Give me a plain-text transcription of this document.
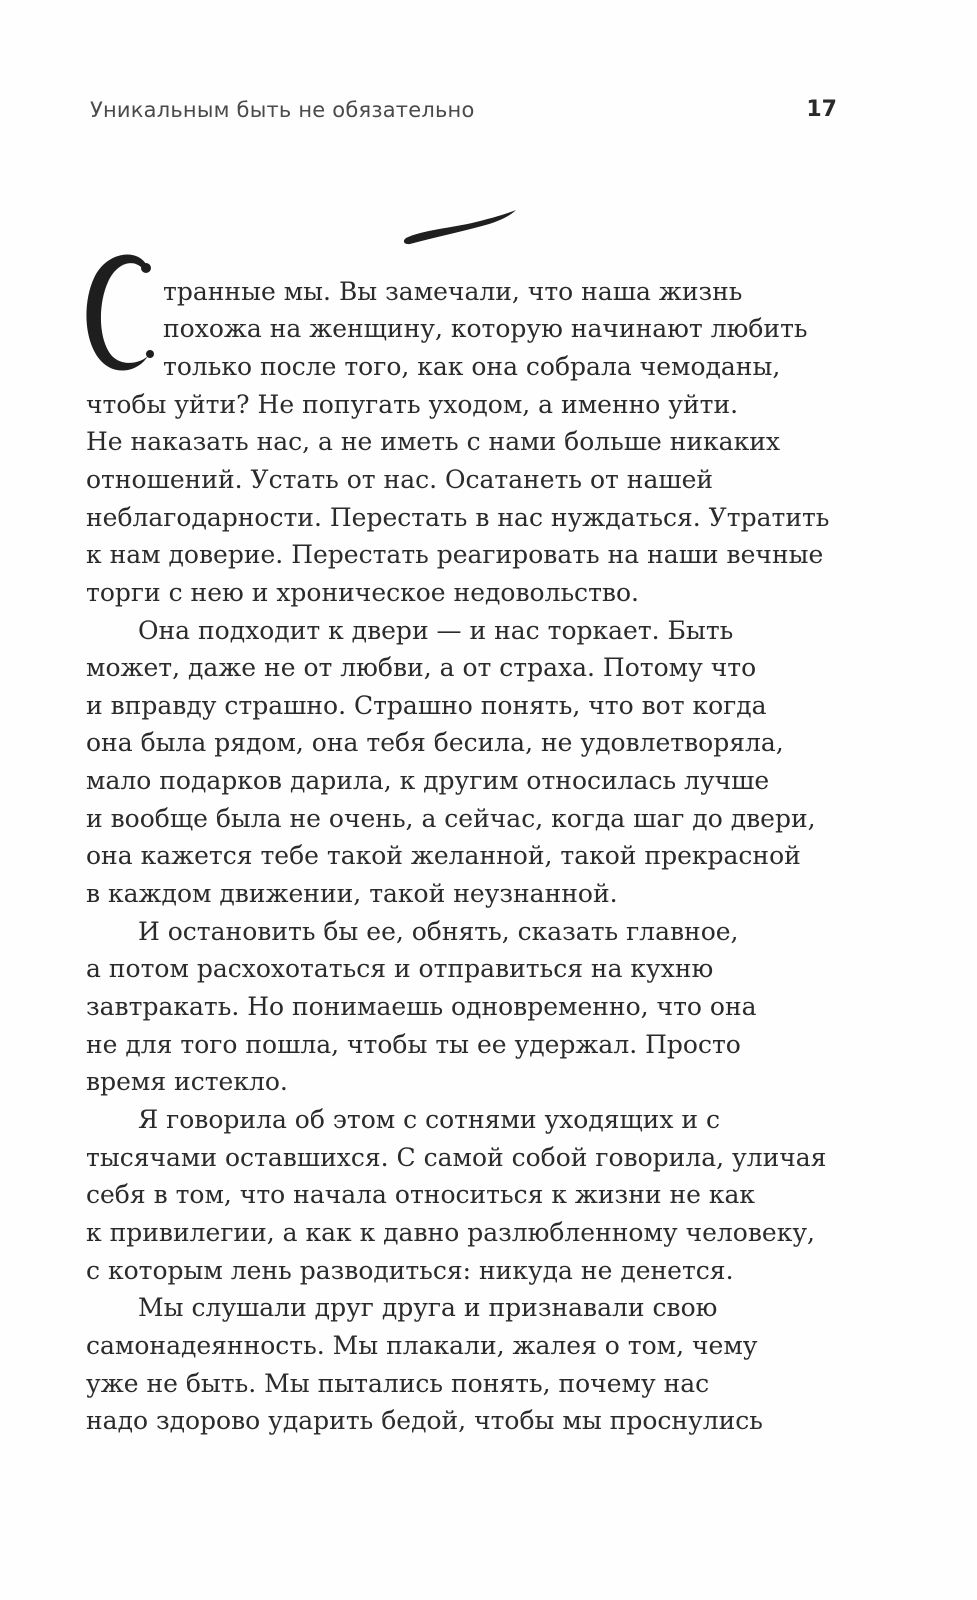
Уникальным быть не обязательно	17
транные мы. Вы замечали, что наша жизнь
похожа на женщину, которую начинают любить
только после того, как она собрала чемоданы,
чтобы уйти? Не попугать уходом, а именно уйти.
Не наказать нас, а не иметь с нами больше никаких
отношений. Устать от нас. Осатанеть от нашей
неблагодарности. Перестать в нас нуждаться. Утратить
к нам доверие. Перестать реагировать на наши вечные
торги с нею и хроническое недовольство.
Она подходит к двери — и нас торкает. Быть
может, даже не от любви, а от страха. Потому что
и вправду страшно. Страшно понять, что вот когда
она была рядом, она тебя бесила, не удовлетворяла,
мало подарков дарила, к другим относилась лучше
и вообще была не очень, а сейчас, когда шаг до двери,
она кажется тебе такой желанной, такой прекрасной
в каждом движении, такой неузнанной.
И остановить бы ее, обнять, сказать главное,
а потом расхохотаться и отправиться на кухню
завтракать. Но понимаешь одновременно, что она
не для того пошла, чтобы ты ее удержал. Просто
время истекло.
Я говорила об этом с сотнями уходящих и с
тысячами оставшихся. С самой собой говорила, уличая
себя в том, что начала относиться к жизни не как
к привилегии, а как к давно разлюбленному человеку,
с которым лень разводиться: никуда не денется.
Мы слушали друг друга и признавали свою
самонадеянность. Мы плакали, жалея о том, чему
уже не быть. Мы пытались понять, почему нас
надо здорово ударить бедой, чтобы мы проснулись
